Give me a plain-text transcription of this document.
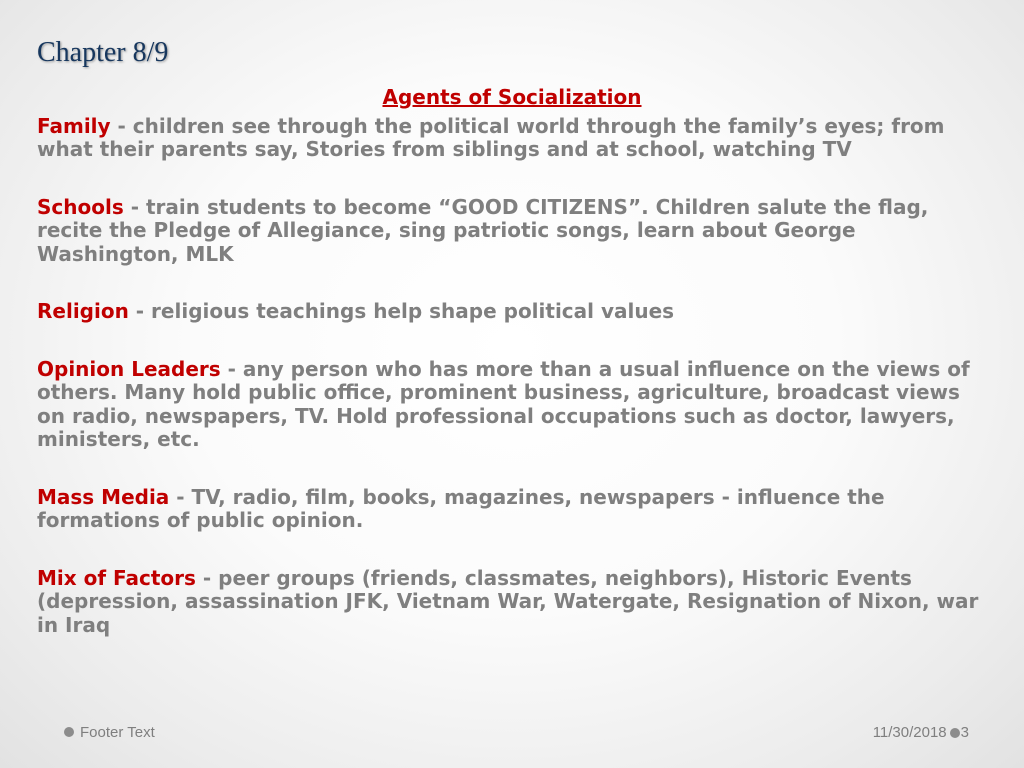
Chapter 8/9

Agents of Socialization

Family - children see through the political world through the family’s eyes; from what their parents say, Stories from siblings and at school, watching TV

Schools - train students to become “GOOD CITIZENS”. Children salute the flag, recite the Pledge of Allegiance, sing patriotic songs, learn about George Washington, MLK

Religion - religious teachings help shape political values

Opinion Leaders - any person who has more than a usual influence on the views of others. Many hold public office, prominent business, agriculture, broadcast views on radio, newspapers, TV. Hold professional occupations such as doctor, lawyers, ministers, etc.

Mass Media - TV, radio, film, books, magazines, newspapers - influence the formations of public opinion.

Mix of Factors - peer groups (friends, classmates, neighbors), Historic Events (depression, assassination JFK, Vietnam War, Watergate, Resignation of Nixon, war in Iraq

Footer Text	11/30/2018 3
